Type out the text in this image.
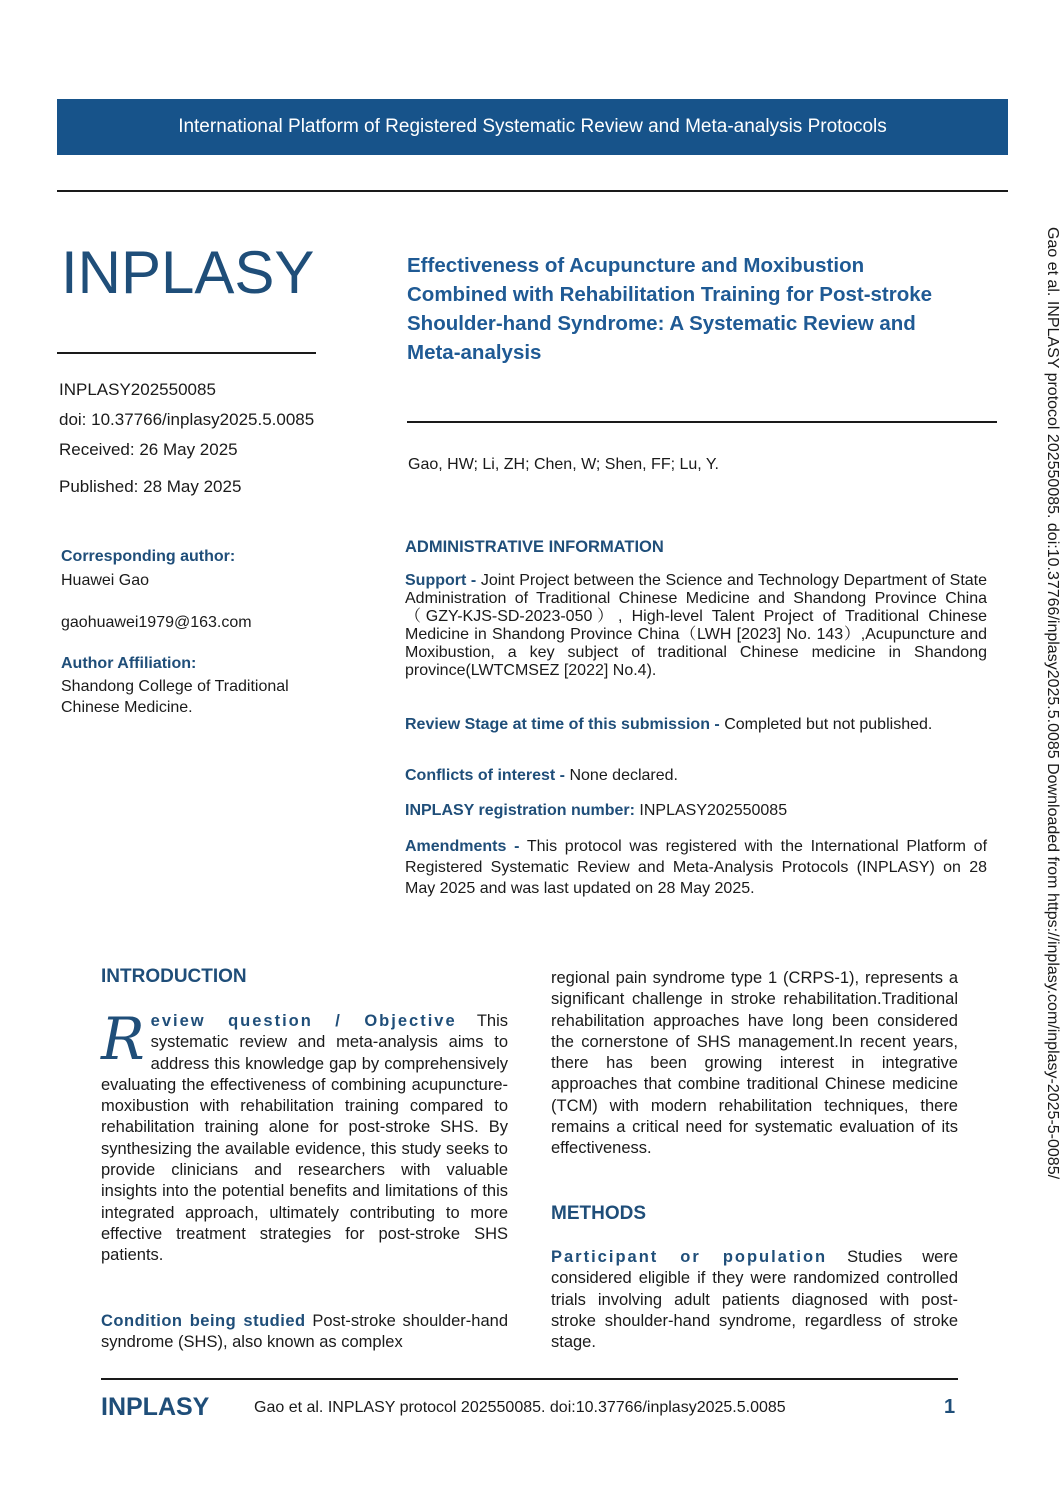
International Platform of Registered Systematic Review and Meta-analysis Protocols
INPLASY
INPLASY202550085
doi: 10.37766/inplasy2025.5.0085
Received: 26 May 2025
Published: 28 May 2025
Effectiveness of Acupuncture and Moxibustion Combined with Rehabilitation Training for Post-stroke Shoulder-hand Syndrome: A Systematic Review and Meta-analysis
Gao, HW; Li, ZH; Chen, W; Shen, FF; Lu, Y.
Corresponding author:
Huawei Gao
gaohuawei1979@163.com
Author Affiliation:
Shandong College of Traditional Chinese Medicine.
ADMINISTRATIVE INFORMATION
Support - Joint Project between the Science and Technology Department of State Administration of Traditional Chinese Medicine and Shandong Province China（GZY-KJS-SD-2023-050）, High-level Talent Project of Traditional Chinese Medicine in Shandong Province China（LWH [2023] No. 143）,Acupuncture and Moxibustion, a key subject of traditional Chinese medicine in Shandong province(LWTCMSEZ [2022] No.4).
Review Stage at time of this submission - Completed but not published.
Conflicts of interest - None declared.
INPLASY registration number: INPLASY202550085
Amendments - This protocol was registered with the International Platform of Registered Systematic Review and Meta-Analysis Protocols (INPLASY) on 28 May 2025 and was last updated on 28 May 2025.
INTRODUCTION
R eview question / Objective This systematic review and meta-analysis aims to address this knowledge gap by comprehensively evaluating the effectiveness of combining acupuncture-moxibustion with rehabilitation training compared to rehabilitation training alone for post-stroke SHS. By synthesizing the available evidence, this study seeks to provide clinicians and researchers with valuable insights into the potential benefits and limitations of this integrated approach, ultimately contributing to more effective treatment strategies for post-stroke SHS patients.
Condition being studied Post-stroke shoulder-hand syndrome (SHS), also known as complex
regional pain syndrome type 1 (CRPS-1), represents a significant challenge in stroke rehabilitation.Traditional rehabilitation approaches have long been considered the cornerstone of SHS management.In recent years, there has been growing interest in integrative approaches that combine traditional Chinese medicine (TCM) with modern rehabilitation techniques, there remains a critical need for systematic evaluation of its effectiveness.
METHODS
Participant or population Studies were considered eligible if they were randomized controlled trials involving adult patients diagnosed with post-stroke shoulder-hand syndrome, regardless of stroke stage.
Gao et al. INPLASY protocol 202550085. doi:10.37766/inplasy2025.5.0085 Downloaded from https://inplasy.com/inplasy-2025-5-0085/
INPLASY	Gao et al. INPLASY protocol 202550085. doi:10.37766/inplasy2025.5.0085	1
